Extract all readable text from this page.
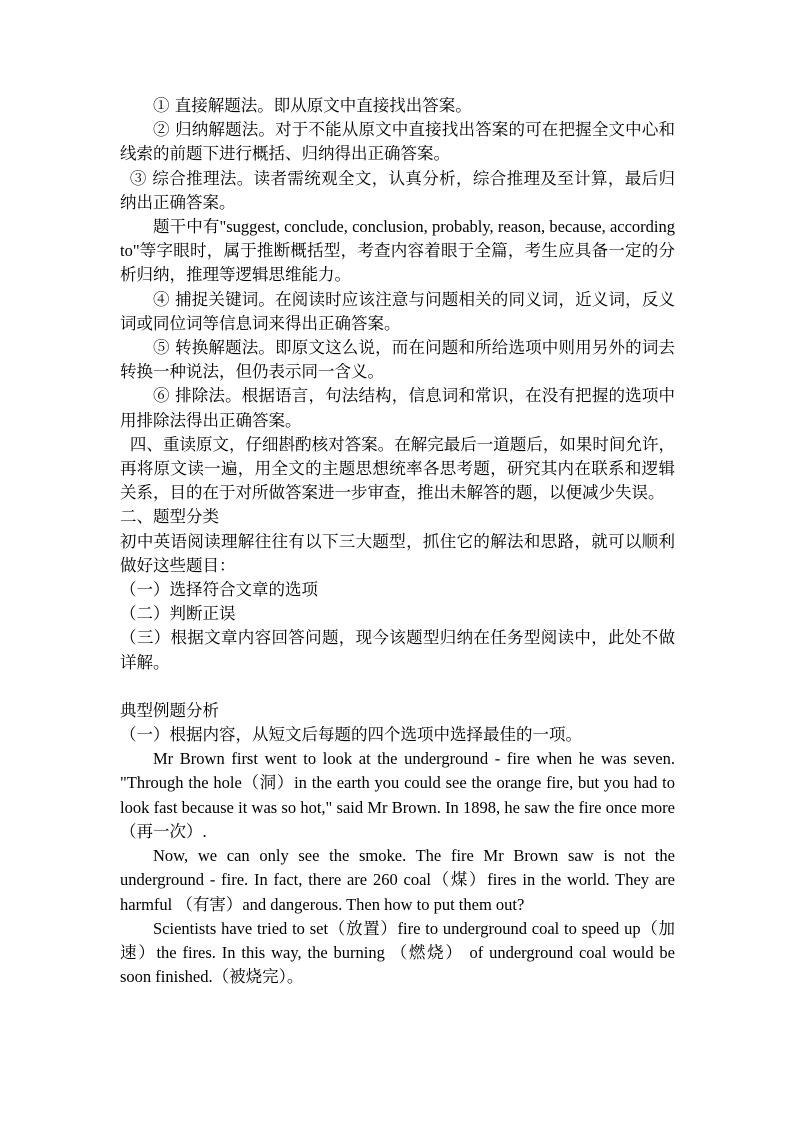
① 直接解题法。即从原文中直接找出答案。

② 归纳解题法。对于不能从原文中直接找出答案的可在把握全文中心和线索的前题下进行概括、归纳得出正确答案。

③ 综合推理法。读者需统观全文，认真分析，综合推理及至计算，最后归纳出正确答案。

题干中有"suggest, conclude, conclusion, probably, reason, because, according to"等字眼时，属于推断概括型，考查内容着眼于全篇，考生应具备一定的分析归纳，推理等逻辑思维能力。

④ 捕捉关键词。在阅读时应该注意与问题相关的同义词，近义词，反义词或同位词等信息词来得出正确答案。

⑤ 转换解题法。即原文这么说，而在问题和所给选项中则用另外的词去转换一种说法，但仍表示同一含义。

⑥ 排除法。根据语言，句法结构，信息词和常识，在没有把握的选项中用排除法得出正确答案。

四、重读原文，仔细斟酌核对答案。在解完最后一道题后，如果时间允许，再将原文读一遍，用全文的主题思想统率各思考题，研究其内在联系和逻辑关系，目的在于对所做答案进一步审查，推出未解答的题，以便减少失误。

二、题型分类

初中英语阅读理解往往有以下三大题型，抓住它的解法和思路，就可以顺利做好这些题目：

（一）选择符合文章的选项

（二）判断正误

（三）根据文章内容回答问题，现今该题型归纳在任务型阅读中，此处不做详解。

典型例题分析

（一）根据内容，从短文后每题的四个选项中选择最佳的一项。

Mr Brown first went to look at the underground - fire when he was seven. "Through the hole（洞）in the earth you could see the orange fire, but you had to look fast because it was so hot," said Mr Brown. In 1898, he saw the fire once more（再一次）.

Now, we can only see the smoke. The fire Mr Brown saw is not the underground - fire. In fact, there are 260 coal（煤）fires in the world. They are harmful （有害）and dangerous. Then how to put them out?

Scientists have tried to set（放置）fire to underground coal to speed up（加速）the fires. In this way, the burning （燃烧） of underground coal would be soon finished.（被烧完）。
